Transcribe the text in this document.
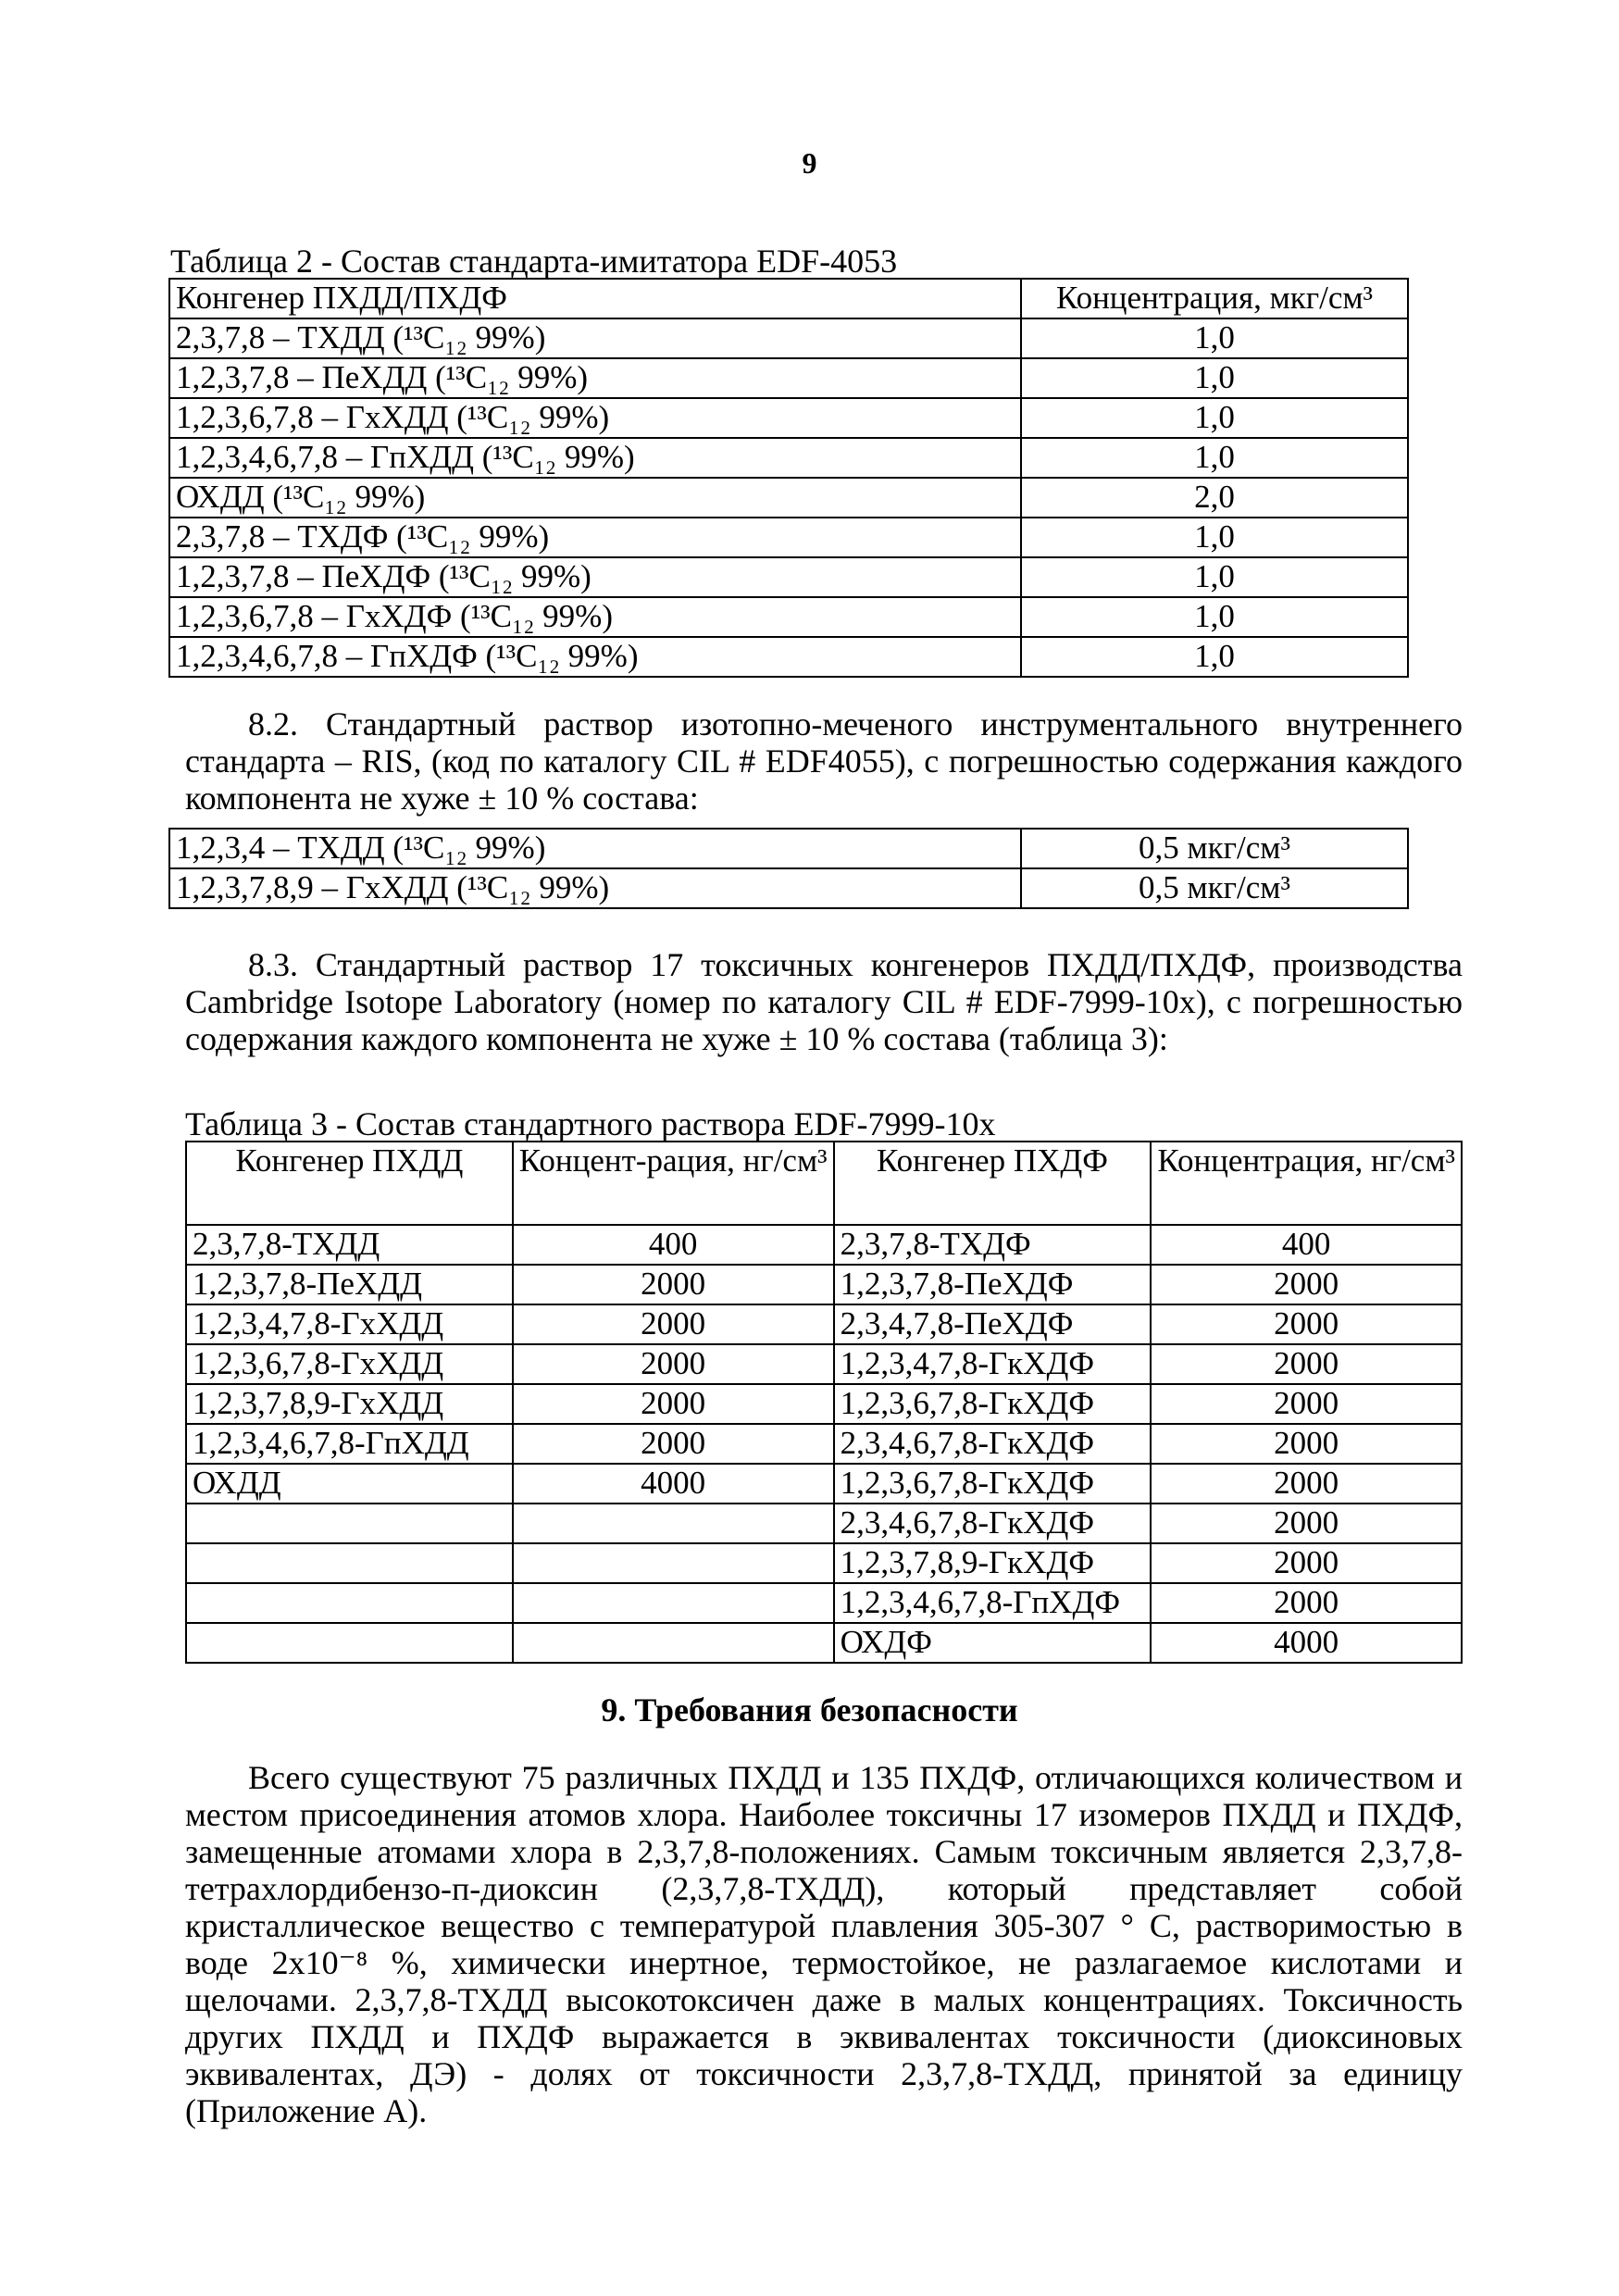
9
Таблица 2 - Состав стандарта-имитатора EDF-4053
Конгенер ПХДД/ПХДФ	Концентрация, мкг/см³
2,3,7,8 – ТХДД (¹³C₁₂ 99%)	1,0
1,2,3,7,8 – ПеХДД (¹³C₁₂ 99%)	1,0
1,2,3,6,7,8 – ГхХДД (¹³C₁₂ 99%)	1,0
1,2,3,4,6,7,8 – ГпХДД (¹³C₁₂ 99%)	1,0
ОХДД (¹³C₁₂ 99%)	2,0
2,3,7,8 – ТХДФ (¹³C₁₂ 99%)	1,0
1,2,3,7,8 – ПеХДФ (¹³C₁₂ 99%)	1,0
1,2,3,6,7,8 – ГхХДФ (¹³C₁₂ 99%)	1,0
1,2,3,4,6,7,8 – ГпХДФ (¹³C₁₂ 99%)	1,0
8.2. Стандартный раствор изотопно-меченого инструментального внутреннего стандарта – RIS, (код по каталогу CIL # EDF4055), с погрешностью содержания каждого компонента не хуже ± 10 % состава:
1,2,3,4 – ТХДД (¹³C₁₂ 99%)	0,5 мкг/см³
1,2,3,7,8,9 – ГхХДД (¹³C₁₂ 99%)	0,5 мкг/см³
8.3. Стандартный раствор 17 токсичных конгенеров ПХДД/ПХДФ, производства Cambridge Isotope Laboratory (номер по каталогу CIL # EDF-7999-10x), с погрешностью содержания каждого компонента не хуже ± 10 % состава (таблица 3):
Таблица 3 - Состав стандартного раствора EDF-7999-10x
Конгенер ПХДД	Концент-рация, нг/см³	Конгенер ПХДФ	Концентрация, нг/см³
2,3,7,8-ТХДД	400	2,3,7,8-ТХДФ	400
1,2,3,7,8-ПеХДД	2000	1,2,3,7,8-ПеХДФ	2000
1,2,3,4,7,8-ГхХДД	2000	2,3,4,7,8-ПеХДФ	2000
1,2,3,6,7,8-ГхХДД	2000	1,2,3,4,7,8-ГкХДФ	2000
1,2,3,7,8,9-ГхХДД	2000	1,2,3,6,7,8-ГкХДФ	2000
1,2,3,4,6,7,8-ГпХДД	2000	2,3,4,6,7,8-ГкХДФ	2000
ОХДД	4000	1,2,3,6,7,8-ГкХДФ	2000
		2,3,4,6,7,8-ГкХДФ	2000
		1,2,3,7,8,9-ГкХДФ	2000
		1,2,3,4,6,7,8-ГпХДФ	2000
		ОХДФ	4000
9. Требования безопасности
Всего существуют 75 различных ПХДД и 135 ПХДФ, отличающихся количеством и местом присоединения атомов хлора. Наиболее токсичны 17 изомеров ПХДД и ПХДФ, замещенные атомами хлора в 2,3,7,8-положениях. Самым токсичным является 2,3,7,8-тетрахлордибензо-п-диоксин (2,3,7,8-ТХДД), который представляет собой кристаллическое вещество с температурой плавления 305-307 ° С, растворимостью в воде 2х10⁻⁸ %, химически инертное, термостойкое, не разлагаемое кислотами и щелочами. 2,3,7,8-ТХДД высокотоксичен даже в малых концентрациях. Токсичность других ПХДД и ПХДФ выражается в эквивалентах токсичности (диоксиновых эквивалентах, ДЭ) - долях от токсичности 2,3,7,8-ТХДД, принятой за единицу (Приложение А).
